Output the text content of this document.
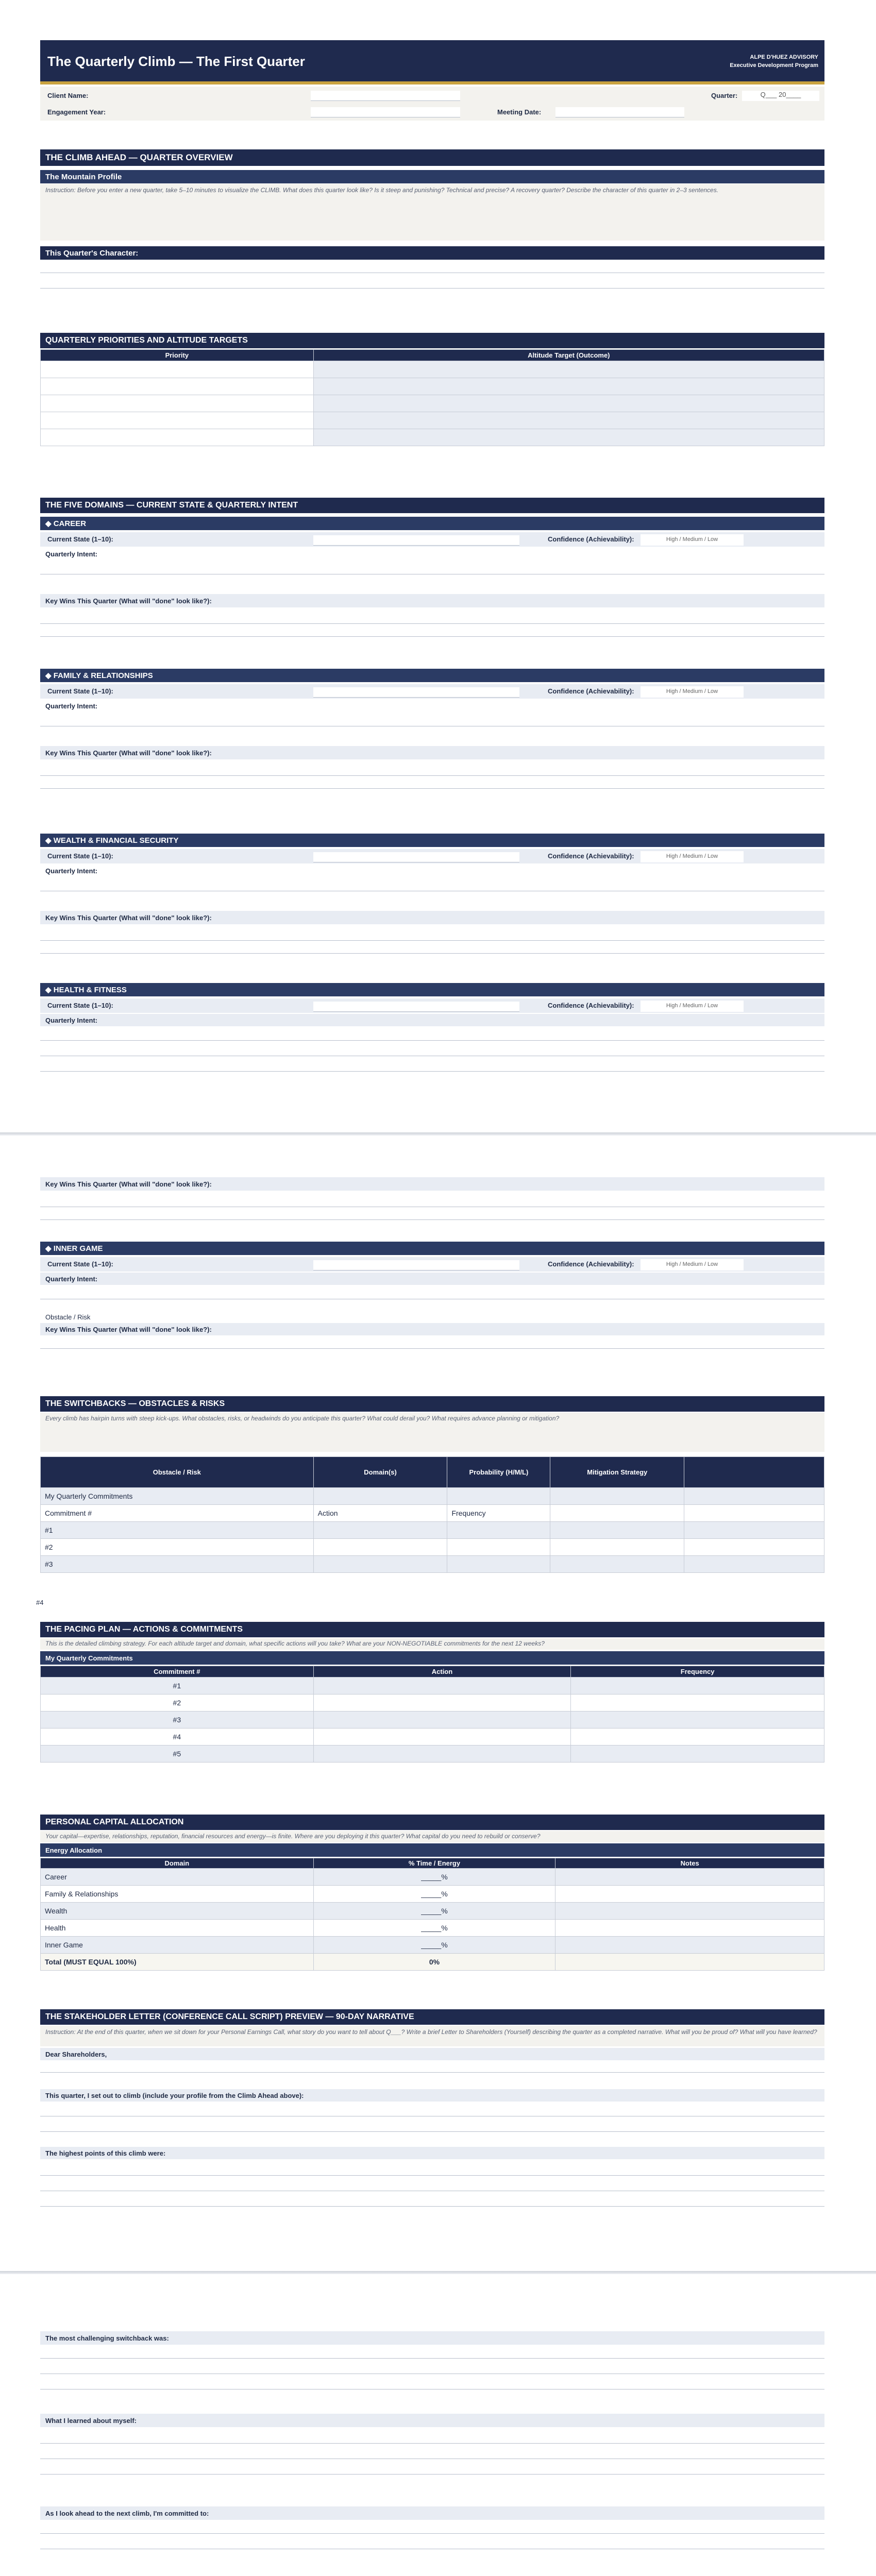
The Quarterly Climb — The First Quarter	ALPE D'HUEZ ADVISORY
Executive Development Program
Client Name:	Quarter:	Q___ 20____
Engagement Year:	Meeting Date:
THE CLIMB AHEAD — QUARTER OVERVIEW
The Mountain Profile
Instruction: Before you enter a new quarter, take 5–10 minutes to visualize the CLIMB. What does this quarter look like? Is it steep and punishing? Technical and precise? A recovery quarter? Describe the character of this quarter in 2–3 sentences.
This Quarter's Character:
QUARTERLY PRIORITIES AND ALTITUDE TARGETS
Priority	Altitude Target (Outcome)

THE FIVE DOMAINS — CURRENT STATE & QUARTERLY INTENT
◆ CAREER
Current State (1–10):	Confidence (Achievability):	High / Medium / Low
Quarterly Intent:
Key Wins This Quarter (What will "done" look like?):
◆ FAMILY & RELATIONSHIPS
Current State (1–10):	Confidence (Achievability):	High / Medium / Low
Quarterly Intent:
Key Wins This Quarter (What will "done" look like?):
◆ WEALTH & FINANCIAL SECURITY
Current State (1–10):	Confidence (Achievability):	High / Medium / Low
Quarterly Intent:
Key Wins This Quarter (What will "done" look like?):
◆ HEALTH & FITNESS
Current State (1–10):	Confidence (Achievability):	High / Medium / Low
Quarterly Intent:
Key Wins This Quarter (What will "done" look like?):
◆ INNER GAME
Current State (1–10):	Confidence (Achievability):	High / Medium / Low
Quarterly Intent:
Obstacle / Risk
Key Wins This Quarter (What will "done" look like?):
THE SWITCHBACKS — OBSTACLES & RISKS
Every climb has hairpin turns with steep kick-ups. What obstacles, risks, or headwinds do you anticipate this quarter? What could derail you? What requires advance planning or mitigation?
Obstacle / Risk	Domain(s)	Probability (H/M/L)	Mitigation Strategy	
My Quarterly Commitments				
Commitment #	Action	Frequency		
#1				
#2				
#3				
#4
THE PACING PLAN — ACTIONS & COMMITMENTS
This is the detailed climbing strategy. For each altitude target and domain, what specific actions will you take? What are your NON-NEGOTIABLE commitments for the next 12 weeks?
My Quarterly Commitments
Commitment #	Action	Frequency
#1		
#2		
#3		
#4		
#5		
PERSONAL CAPITAL ALLOCATION
Your capital—expertise, relationships, reputation, financial resources and energy—is finite. Where are you deploying it this quarter? What capital do you need to rebuild or conserve?
Energy Allocation
Domain	% Time / Energy	Notes
Career	_____%	
Family & Relationships	_____%	
Wealth	_____%	
Health	_____%	
Inner Game	_____%	
Total (MUST EQUAL 100%)	0%	
THE STAKEHOLDER LETTER (CONFERENCE CALL SCRIPT) PREVIEW — 90-DAY NARRATIVE
Instruction: At the end of this quarter, when we sit down for your Personal Earnings Call, what story do you want to tell about Q___? Write a brief Letter to Shareholders (Yourself) describing the quarter as a completed narrative. What will you be proud of? What will you have learned?
Dear Shareholders,
This quarter, I set out to climb (include your profile from the Climb Ahead above):
The highest points of this climb were:
The most challenging switchback was:
What I learned about myself:
As I look ahead to the next climb, I'm committed to:
